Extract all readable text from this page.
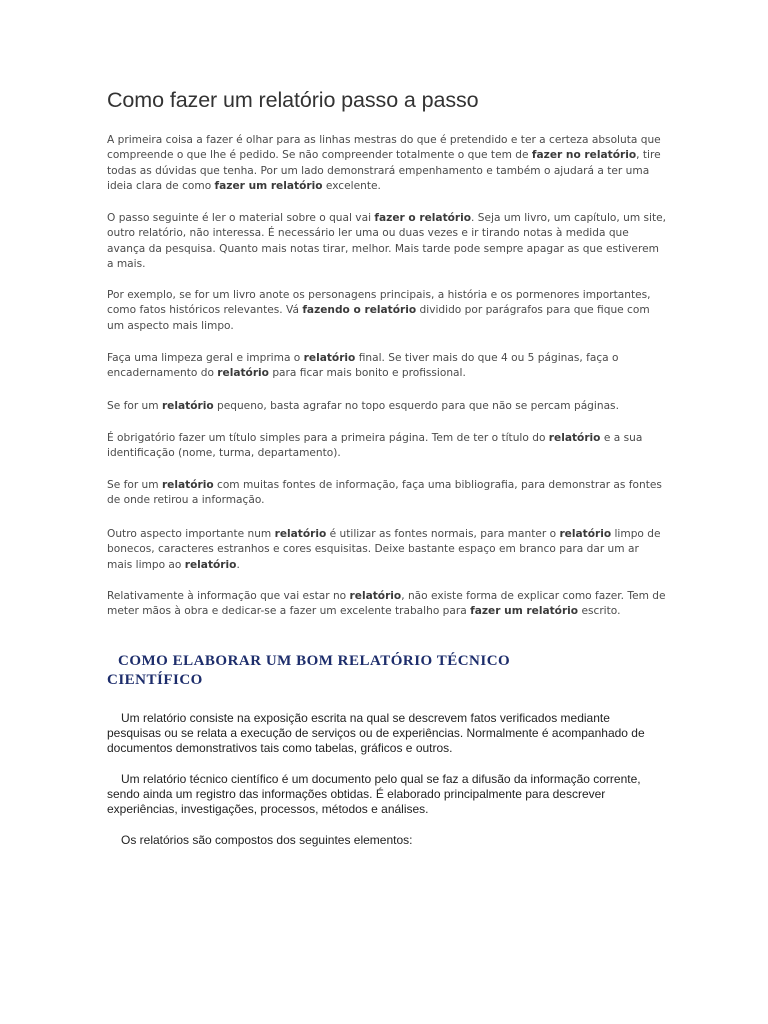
Como fazer um relatório passo a passo

A primeira coisa a fazer é olhar para as linhas mestras do que é pretendido e ter a certeza absoluta que compreende o que lhe é pedido. Se não compreender totalmente o que tem de fazer no relatório, tire todas as dúvidas que tenha. Por um lado demonstrará empenhamento e também o ajudará a ter uma ideia clara de como fazer um relatório excelente.

O passo seguinte é ler o material sobre o qual vai fazer o relatório. Seja um livro, um capítulo, um site, outro relatório, não interessa. É necessário ler uma ou duas vezes e ir tirando notas à medida que avança da pesquisa. Quanto mais notas tirar, melhor. Mais tarde pode sempre apagar as que estiverem a mais.

Por exemplo, se for um livro anote os personagens principais, a história e os pormenores importantes, como fatos históricos relevantes. Vá fazendo o relatório dividido por parágrafos para que fique com um aspecto mais limpo.

Faça uma limpeza geral e imprima o relatório final. Se tiver mais do que 4 ou 5 páginas, faça o encadernamento do relatório para ficar mais bonito e profissional.

Se for um relatório pequeno, basta agrafar no topo esquerdo para que não se percam páginas.

É obrigatório fazer um título simples para a primeira página. Tem de ter o título do relatório e a sua identificação (nome, turma, departamento).

Se for um relatório com muitas fontes de informação, faça uma bibliografia, para demonstrar as fontes de onde retirou a informação.

Outro aspecto importante num relatório é utilizar as fontes normais, para manter o relatório limpo de bonecos, caracteres estranhos e cores esquisitas. Deixe bastante espaço em branco para dar um ar mais limpo ao relatório.

Relativamente à informação que vai estar no relatório, não existe forma de explicar como fazer. Tem de meter mãos à obra e dedicar-se a fazer um excelente trabalho para fazer um relatório escrito.

COMO ELABORAR UM BOM RELATÓRIO TÉCNICO CIENTÍFICO

Um relatório consiste na exposição escrita na qual se descrevem fatos verificados mediante pesquisas ou se relata a execução de serviços ou de experiências. Normalmente é acompanhado de documentos demonstrativos tais como tabelas, gráficos e outros.

Um relatório técnico científico é um documento pelo qual se faz a difusão da informação corrente, sendo ainda um registro das informações obtidas. É elaborado principalmente para descrever experiências, investigações, processos, métodos e análises.

Os relatórios são compostos dos seguintes elementos:
